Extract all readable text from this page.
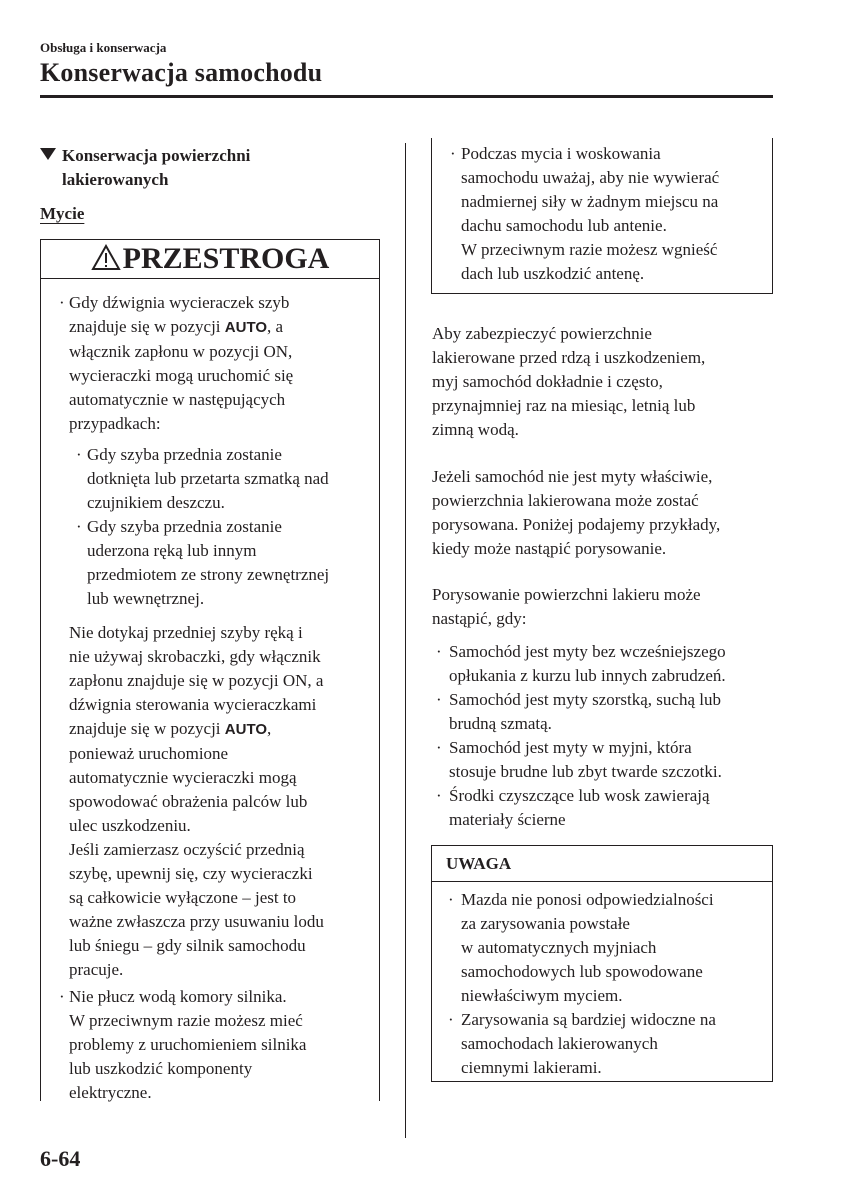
Obsługa i konserwacja
Konserwacja samochodu
Konserwacja powierzchni
lakierowanych
Mycie
PRZESTROGA
· Gdy dźwignia wycieraczek szyb
znajduje się w pozycji AUTO, a
włącznik zapłonu w pozycji ON,
wycieraczki mogą uruchomić się
automatycznie w następujących
przypadkach:
· Gdy szyba przednia zostanie
dotknięta lub przetarta szmatką nad
czujnikiem deszczu.
· Gdy szyba przednia zostanie
uderzona ręką lub innym
przedmiotem ze strony zewnętrznej
lub wewnętrznej.
Nie dotykaj przedniej szyby ręką i
nie używaj skrobaczki, gdy włącznik
zapłonu znajduje się w pozycji ON, a
dźwignia sterowania wycieraczkami
znajduje się w pozycji AUTO,
ponieważ uruchomione
automatycznie wycieraczki mogą
spowodować obrażenia palców lub
ulec uszkodzeniu.
Jeśli zamierzasz oczyścić przednią
szybę, upewnij się, czy wycieraczki
są całkowicie wyłączone – jest to
ważne zwłaszcza przy usuwaniu lodu
lub śniegu – gdy silnik samochodu
pracuje.
· Nie płucz wodą komory silnika.
W przeciwnym razie możesz mieć
problemy z uruchomieniem silnika
lub uszkodzić komponenty
elektryczne.
· Podczas mycia i woskowania
samochodu uważaj, aby nie wywierać
nadmiernej siły w żadnym miejscu na
dachu samochodu lub antenie.
W przeciwnym razie możesz wgnieść
dach lub uszkodzić antenę.
Aby zabezpieczyć powierzchnie
lakierowane przed rdzą i uszkodzeniem,
myj samochód dokładnie i często,
przynajmniej raz na miesiąc, letnią lub
zimną wodą.
Jeżeli samochód nie jest myty właściwie,
powierzchnia lakierowana może zostać
porysowana. Poniżej podajemy przykłady,
kiedy może nastąpić porysowanie.
Porysowanie powierzchni lakieru może
nastąpić, gdy:
· Samochód jest myty bez wcześniejszego
opłukania z kurzu lub innych zabrudzeń.
· Samochód jest myty szorstką, suchą lub
brudną szmatą.
· Samochód jest myty w myjni, która
stosuje brudne lub zbyt twarde szczotki.
· Środki czyszczące lub wosk zawierają
materiały ścierne
UWAGA
· Mazda nie ponosi odpowiedzialności
za zarysowania powstałe
w automatycznych myjniach
samochodowych lub spowodowane
niewłaściwym myciem.
· Zarysowania są bardziej widoczne na
samochodach lakierowanych
ciemnymi lakierami.
6-64
